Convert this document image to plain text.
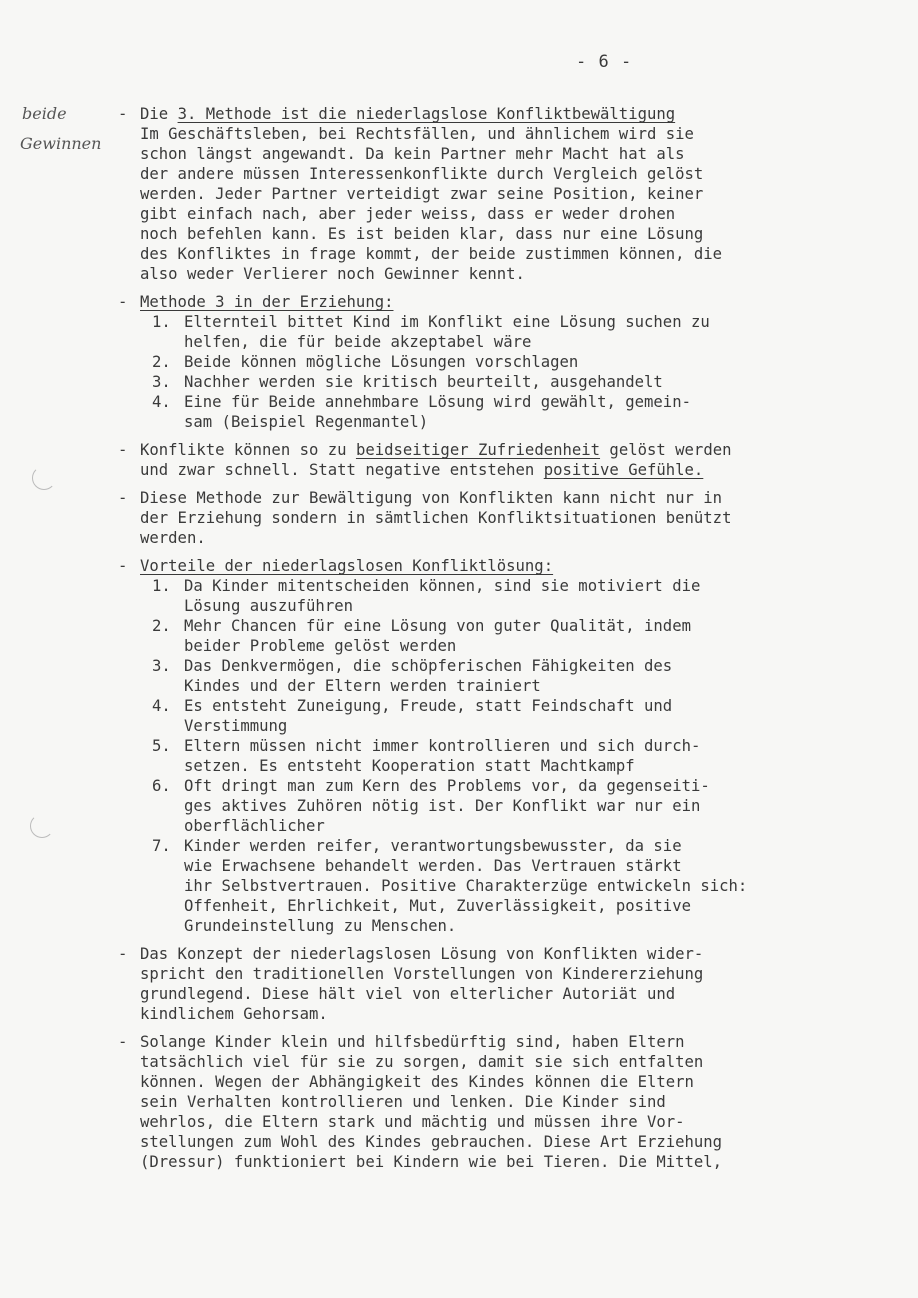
- 6 -
beide
Gewinnen
- Die 3. Methode ist die niederlagslose Konfliktbewältigung
Im Geschäftsleben, bei Rechtsfällen, und ähnlichem wird sie
schon längst angewandt. Da kein Partner mehr Macht hat als
der andere müssen Interessenkonflikte durch Vergleich gelöst
werden. Jeder Partner verteidigt zwar seine Position, keiner
gibt einfach nach, aber jeder weiss, dass er weder drohen
noch befehlen kann. Es ist beiden klar, dass nur eine Lösung
des Konfliktes in frage kommt, der beide zustimmen können, die
also weder Verlierer noch Gewinner kennt.
- Methode 3 in der Erziehung:
1. Elternteil bittet Kind im Konflikt eine Lösung suchen zu
helfen, die für beide akzeptabel wäre
2. Beide können mögliche Lösungen vorschlagen
3. Nachher werden sie kritisch beurteilt, ausgehandelt
4. Eine für Beide annehmbare Lösung wird gewählt, gemein-
sam (Beispiel Regenmantel)
- Konflikte können so zu beidseitiger Zufriedenheit gelöst werden
und zwar schnell. Statt negative entstehen positive Gefühle.
- Diese Methode zur Bewältigung von Konflikten kann nicht nur in
der Erziehung sondern in sämtlichen Konfliktsituationen benützt
werden.
- Vorteile der niederlagslosen Konfliktlösung:
1. Da Kinder mitentscheiden können, sind sie motiviert die
Lösung auszuführen
2. Mehr Chancen für eine Lösung von guter Qualität, indem
beider Probleme gelöst werden
3. Das Denkvermögen, die schöpferischen Fähigkeiten des
Kindes und der Eltern werden trainiert
4. Es entsteht Zuneigung, Freude, statt Feindschaft und
Verstimmung
5. Eltern müssen nicht immer kontrollieren und sich durch-
setzen. Es entsteht Kooperation statt Machtkampf
6. Oft dringt man zum Kern des Problems vor, da gegenseiti-
ges aktives Zuhören nötig ist. Der Konflikt war nur ein
oberflächlicher
7. Kinder werden reifer, verantwortungsbewusster, da sie
wie Erwachsene behandelt werden. Das Vertrauen stärkt
ihr Selbstvertrauen. Positive Charakterzüge entwickeln sich:
Offenheit, Ehrlichkeit, Mut, Zuverlässigkeit, positive
Grundeinstellung zu Menschen.
- Das Konzept der niederlagslosen Lösung von Konflikten wider-
spricht den traditionellen Vorstellungen von Kindererziehung
grundlegend. Diese hält viel von elterlicher Autoriät und
kindlichem Gehorsam.
- Solange Kinder klein und hilfsbedürftig sind, haben Eltern
tatsächlich viel für sie zu sorgen, damit sie sich entfalten
können. Wegen der Abhängigkeit des Kindes können die Eltern
sein Verhalten kontrollieren und lenken. Die Kinder sind
wehrlos, die Eltern stark und mächtig und müssen ihre Vor-
stellungen zum Wohl des Kindes gebrauchen. Diese Art Erziehung
(Dressur) funktioniert bei Kindern wie bei Tieren. Die Mittel,
